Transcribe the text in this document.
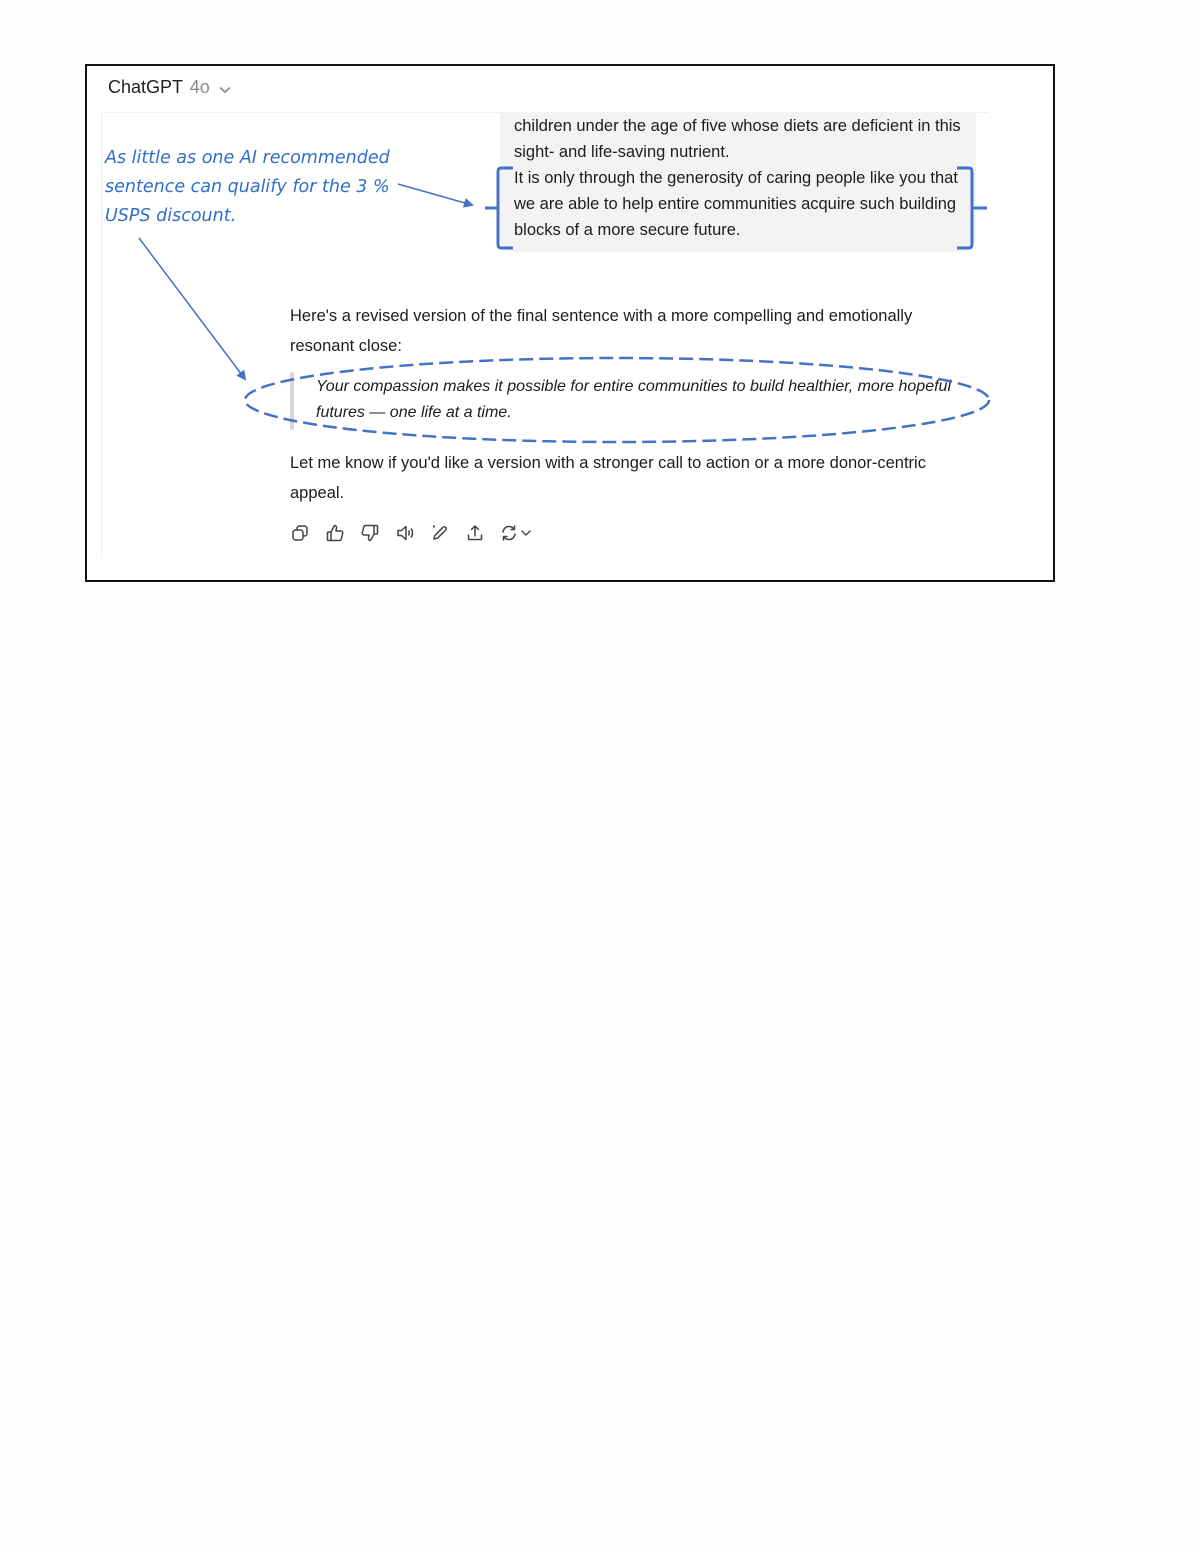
ChatGPT 4o

children under the age of five whose diets are deficient in this sight- and life-saving nutrient.

It is only through the generosity of caring people like you that we are able to help entire communities acquire such building blocks of a more secure future.

As little as one AI recommended sentence can qualify for the 3 % USPS discount.
Here's a revised version of the final sentence with a more compelling and emotionally resonant close:
Your compassion makes it possible for entire communities to build healthier, more hopeful futures — one life at a time.
Let me know if you'd like a version with a stronger call to action or a more donor-centric appeal.
